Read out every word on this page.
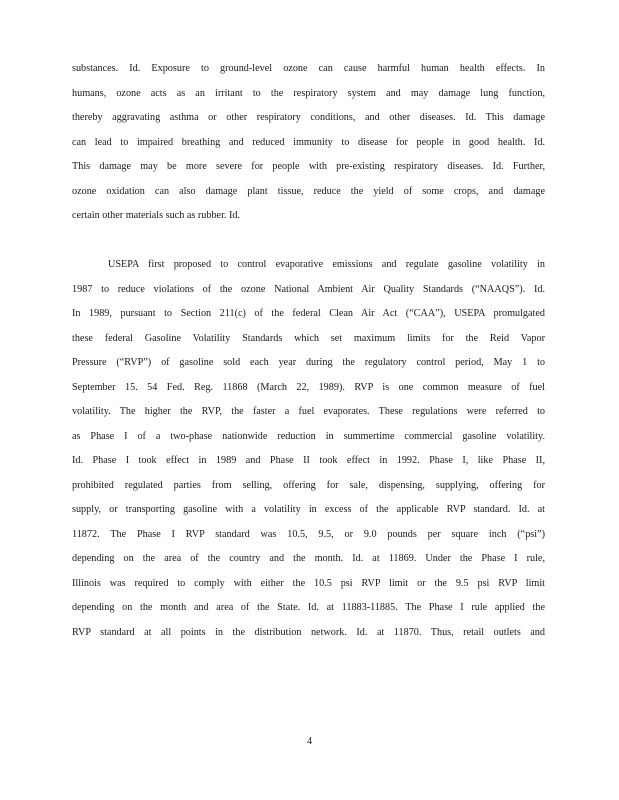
substances. Id. Exposure to ground-level ozone can cause harmful human health effects. In
humans, ozone acts as an irritant to the respiratory system and may damage lung function,
thereby aggravating asthma or other respiratory conditions, and other diseases. Id. This damage
can lead to impaired breathing and reduced immunity to disease for people in good health. Id.
This damage may be more severe for people with pre-existing respiratory diseases. Id. Further,
ozone oxidation can also damage plant tissue, reduce the yield of some crops, and damage
certain other materials such as rubber. Id.
USEPA first proposed to control evaporative emissions and regulate gasoline volatility in
1987 to reduce violations of the ozone National Ambient Air Quality Standards (“NAAQS”). Id.
In 1989, pursuant to Section 211(c) of the federal Clean Air Act (“CAA”), USEPA promulgated
these federal Gasoline Volatility Standards which set maximum limits for the Reid Vapor
Pressure (“RVP”) of gasoline sold each year during the regulatory control period, May 1 to
September 15. 54 Fed. Reg. 11868 (March 22, 1989). RVP is one common measure of fuel
volatility. The higher the RVP, the faster a fuel evaporates. These regulations were referred to
as Phase I of a two-phase nationwide reduction in summertime commercial gasoline volatility.
Id. Phase I took effect in 1989 and Phase II took effect in 1992. Phase I, like Phase II,
prohibited regulated parties from selling, offering for sale, dispensing, supplying, offering for
supply, or transporting gasoline with a volatility in excess of the applicable RVP standard. Id. at
11872. The Phase I RVP standard was 10.5, 9.5, or 9.0 pounds per square inch (“psi”)
depending on the area of the country and the month. Id. at 11869. Under the Phase I rule,
Illinois was required to comply with either the 10.5 psi RVP limit or the 9.5 psi RVP limit
depending on the month and area of the State. Id. at 11883-11885. The Phase I rule applied the
RVP standard at all points in the distribution network. Id. at 11870. Thus, retail outlets and
4
